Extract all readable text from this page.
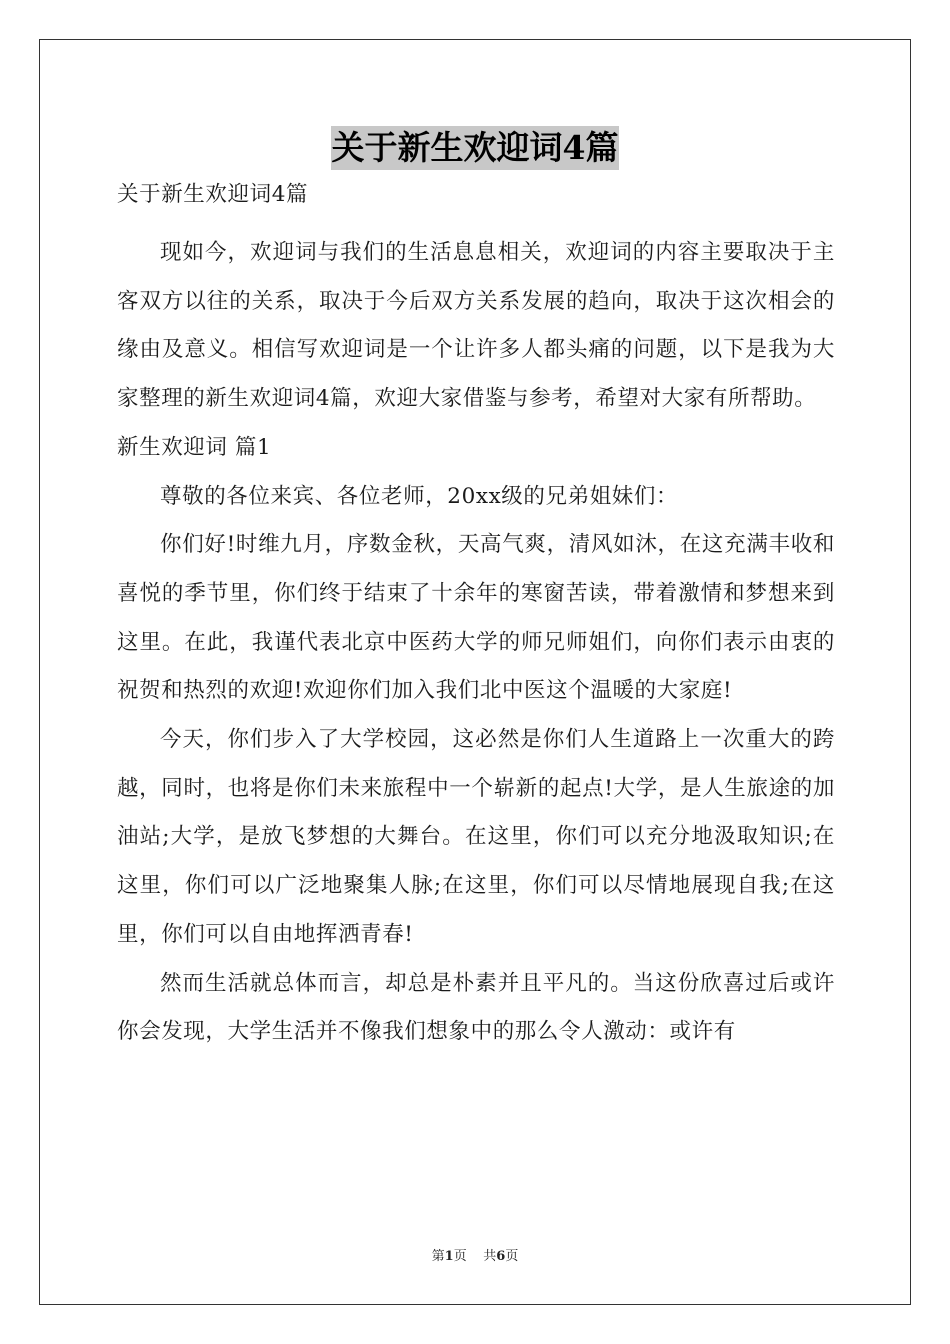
关于新生欢迎词4篇
关于新生欢迎词4篇

现如今，欢迎词与我们的生活息息相关，欢迎词的内容主要取决于主客双方以往的关系，取决于今后双方关系发展的趋向，取决于这次相会的缘由及意义。相信写欢迎词是一个让许多人都头痛的问题，以下是我为大家整理的新生欢迎词4篇，欢迎大家借鉴与参考，希望对大家有所帮助。

新生欢迎词 篇1

尊敬的各位来宾、各位老师，20xx级的兄弟姐妹们：

你们好!时维九月，序数金秋，天高气爽，清风如沐，在这充满丰收和喜悦的季节里，你们终于结束了十余年的寒窗苦读，带着激情和梦想来到这里。在此，我谨代表北京中医药大学的师兄师姐们，向你们表示由衷的祝贺和热烈的欢迎!欢迎你们加入我们北中医这个温暖的大家庭!

今天，你们步入了大学校园，这必然是你们人生道路上一次重大的跨越，同时，也将是你们未来旅程中一个崭新的起点!大学，是人生旅途的加油站;大学，是放飞梦想的大舞台。在这里，你们可以充分地汲取知识;在这里，你们可以广泛地聚集人脉;在这里，你们可以尽情地展现自我;在这里，你们可以自由地挥洒青春!

然而生活就总体而言，却总是朴素并且平凡的。当这份欣喜过后或许你会发现，大学生活并不像我们想象中的那么令人激动：或许有

第1页 共6页
